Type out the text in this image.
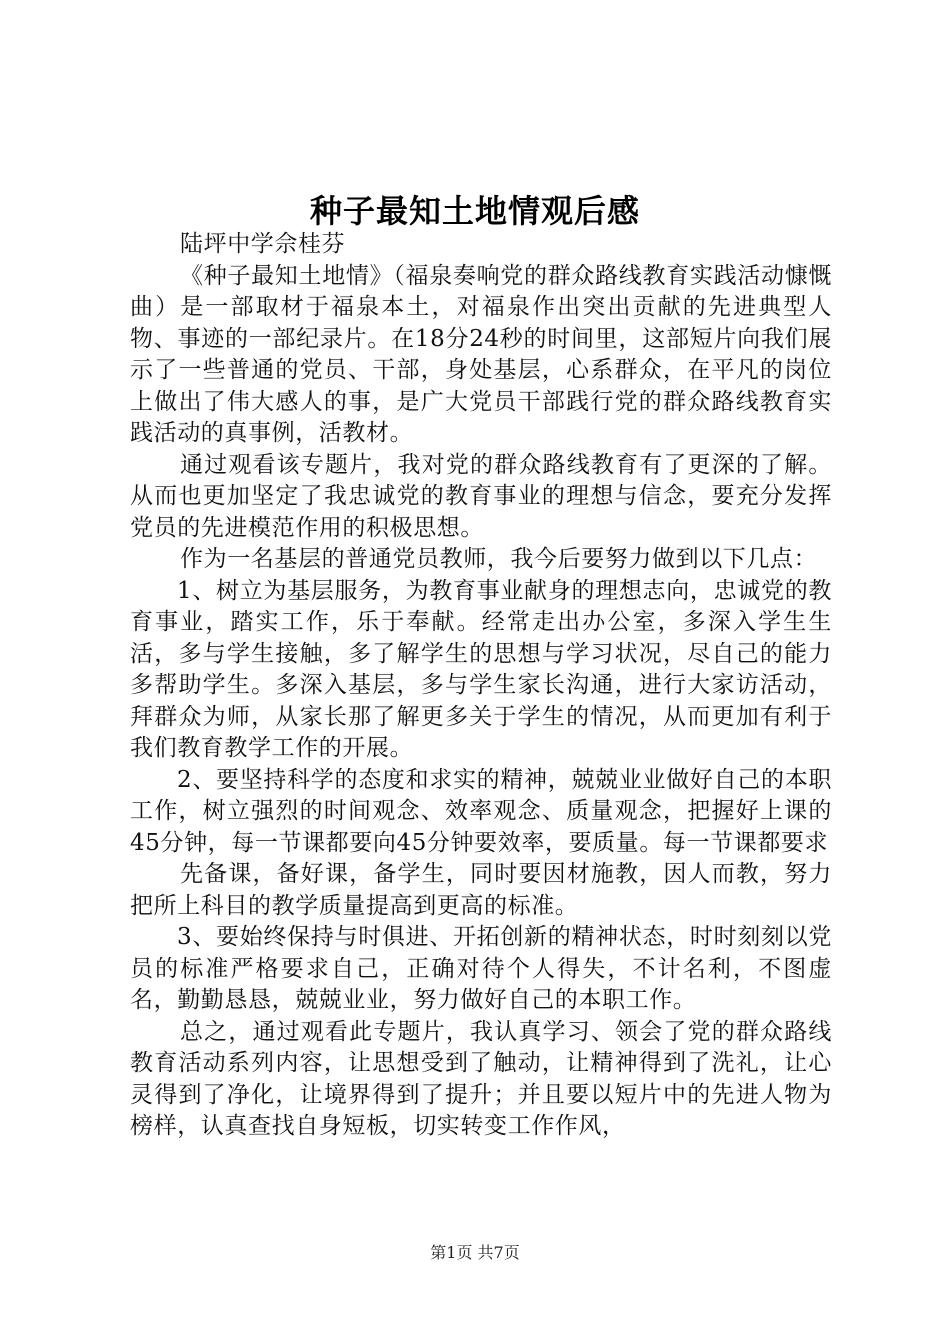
种子最知土地情观后感

陆坪中学佘桂芬

《种子最知土地情》（福泉奏响党的群众路线教育实践活动慷慨曲）是一部取材于福泉本土，对福泉作出突出贡献的先进典型人物、事迹的一部纪录片。在18分24秒的时间里，这部短片向我们展示了一些普通的党员、干部，身处基层，心系群众，在平凡的岗位上做出了伟大感人的事，是广大党员干部践行党的群众路线教育实践活动的真事例，活教材。

通过观看该专题片，我对党的群众路线教育有了更深的了解。从而也更加坚定了我忠诚党的教育事业的理想与信念，要充分发挥党员的先进模范作用的积极思想。

作为一名基层的普通党员教师，我今后要努力做到以下几点：

1、树立为基层服务，为教育事业献身的理想志向，忠诚党的教育事业，踏实工作，乐于奉献。经常走出办公室，多深入学生生活，多与学生接触，多了解学生的思想与学习状况，尽自己的能力多帮助学生。多深入基层，多与学生家长沟通，进行大家访活动，拜群众为师，从家长那了解更多关于学生的情况，从而更加有利于我们教育教学工作的开展。

2、要坚持科学的态度和求实的精神，兢兢业业做好自己的本职工作，树立强烈的时间观念、效率观念、质量观念，把握好上课的45分钟，每一节课都要向45分钟要效率，要质量。每一节课都要求

先备课，备好课，备学生，同时要因材施教，因人而教，努力把所上科目的教学质量提高到更高的标准。

3、要始终保持与时俱进、开拓创新的精神状态，时时刻刻以党员的标准严格要求自己，正确对待个人得失，不计名利，不图虚名，勤勤恳恳，兢兢业业，努力做好自己的本职工作。

总之，通过观看此专题片，我认真学习、领会了党的群众路线教育活动系列内容，让思想受到了触动，让精神得到了洗礼，让心灵得到了净化，让境界得到了提升；并且要以短片中的先进人物为榜样，认真查找自身短板，切实转变工作作风，

第1页 共7页
